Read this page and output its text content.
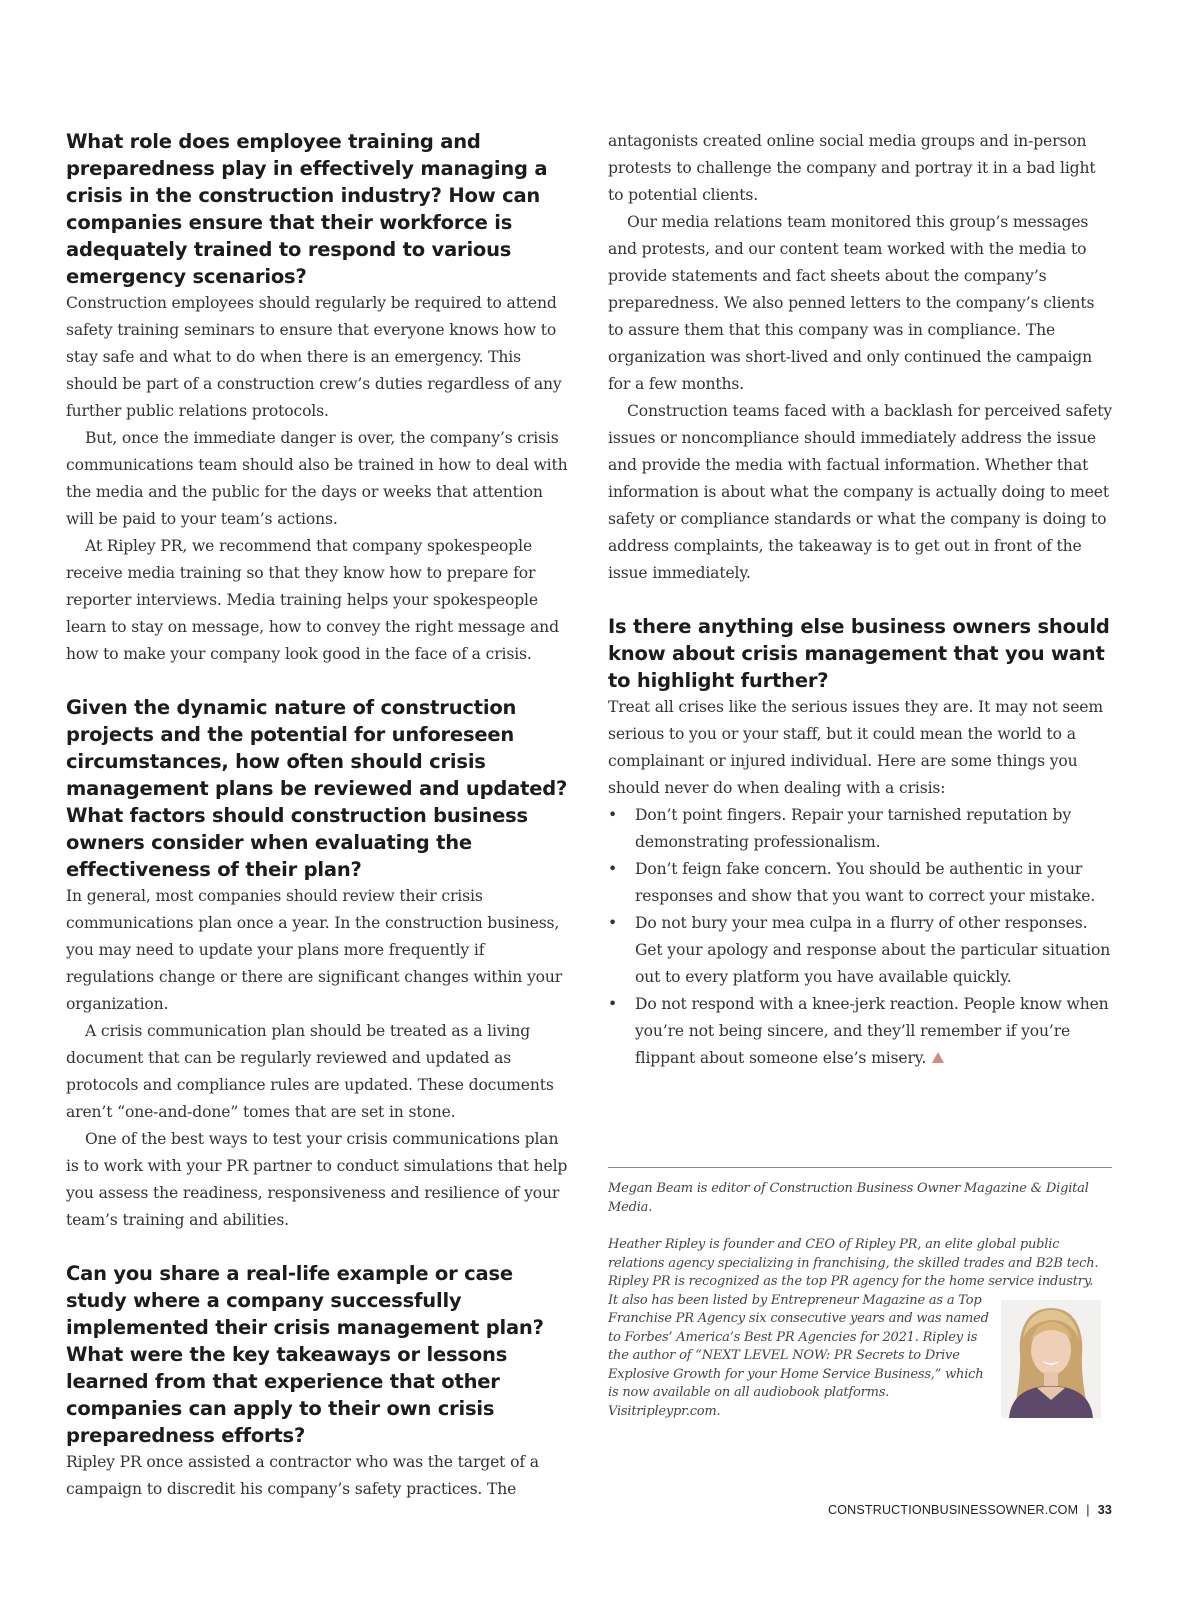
What role does employee training and preparedness play in effectively managing a crisis in the construction industry? How can companies ensure that their workforce is adequately trained to respond to various emergency scenarios?

Construction employees should regularly be required to attend safety training seminars to ensure that everyone knows how to stay safe and what to do when there is an emergency. This should be part of a construction crew’s duties regardless of any further public relations protocols.

But, once the immediate danger is over, the company’s crisis communications team should also be trained in how to deal with the media and the public for the days or weeks that attention will be paid to your team’s actions.

At Ripley PR, we recommend that company spokespeople receive media training so that they know how to prepare for reporter interviews. Media training helps your spokespeople learn to stay on message, how to convey the right message and how to make your company look good in the face of a crisis.

Given the dynamic nature of construction projects and the potential for unforeseen circumstances, how often should crisis management plans be reviewed and updated? What factors should construction business owners consider when evaluating the effectiveness of their plan?

In general, most companies should review their crisis communications plan once a year. In the construction business, you may need to update your plans more frequently if regulations change or there are significant changes within your organization.

A crisis communication plan should be treated as a living document that can be regularly reviewed and updated as protocols and compliance rules are updated. These documents aren’t “one-and-done” tomes that are set in stone.

One of the best ways to test your crisis communications plan is to work with your PR partner to conduct simulations that help you assess the readiness, responsiveness and resilience of your team’s training and abilities.

Can you share a real-life example or case study where a company successfully implemented their crisis management plan? What were the key takeaways or lessons learned from that experience that other companies can apply to their own crisis preparedness efforts?

Ripley PR once assisted a contractor who was the target of a campaign to discredit his company’s safety practices. The

antagonists created online social media groups and in-person protests to challenge the company and portray it in a bad light to potential clients.

Our media relations team monitored this group’s messages and protests, and our content team worked with the media to provide statements and fact sheets about the company’s preparedness. We also penned letters to the company’s clients to assure them that this company was in compliance. The organization was short-lived and only continued the campaign for a few months.

Construction teams faced with a backlash for perceived safety issues or noncompliance should immediately address the issue and provide the media with factual information. Whether that information is about what the company is actually doing to meet safety or compliance standards or what the company is doing to address complaints, the takeaway is to get out in front of the issue immediately.

Is there anything else business owners should know about crisis management that you want to highlight further?

Treat all crises like the serious issues they are. It may not seem serious to you or your staff, but it could mean the world to a complainant or injured individual. Here are some things you should never do when dealing with a crisis:

• Don’t point fingers. Repair your tarnished reputation by demonstrating professionalism.
• Don’t feign fake concern. You should be authentic in your responses and show that you want to correct your mistake.
• Do not bury your mea culpa in a flurry of other responses. Get your apology and response about the particular situation out to every platform you have available quickly.
• Do not respond with a knee-jerk reaction. People know when you’re not being sincere, and they’ll remember if you’re flippant about someone else’s misery.

Megan Beam is editor of Construction Business Owner Magazine & Digital Media.

Heather Ripley is founder and CEO of Ripley PR, an elite global public relations agency specializing in franchising, the skilled trades and B2B tech. Ripley PR is recognized as the top PR agency for the home service industry.

It also has been listed by Entrepreneur Magazine as a Top Franchise PR Agency six consecutive years and was named to Forbes’ America’s Best PR Agencies for 2021. Ripley is the author of “NEXT LEVEL NOW: PR Secrets to Drive Explosive Growth for your Home Service Business,” which is now available on all audiobook platforms. Visitripleypr.com.

CONSTRUCTIONBUSINESSOWNER.COM | 33
